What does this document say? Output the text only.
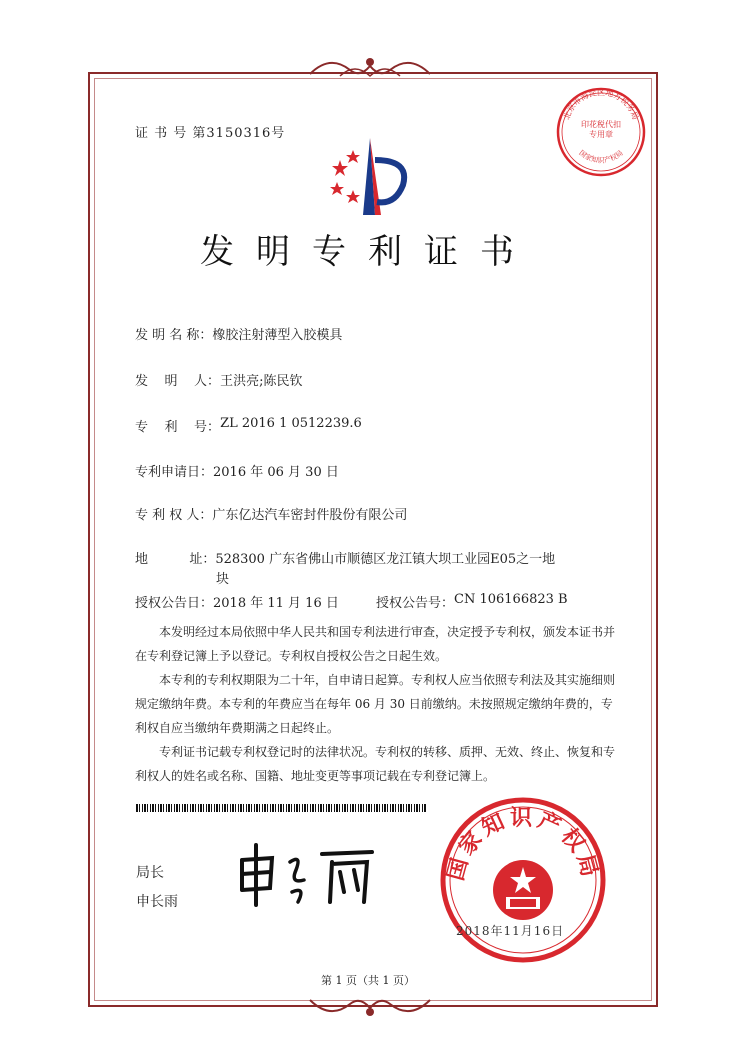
证 书 号 第3150316号
发明专利证书
发 明 名 称： 橡胶注射薄型入胶模具
发    明    人： 王洪亮;陈民钦
专    利    号： ZL 2016 1 0512239.6
专利申请日： 2016 年 06 月 30 日
专 利 权 人： 广东亿达汽车密封件股份有限公司
地          址： 528300 广东省佛山市顺德区龙江镇大坝工业园E05之一地
块
授权公告日： 2018 年 11 月 16 日	授权公告号： CN 106166823 B

本发明经过本局依照中华人民共和国专利法进行审查，决定授予专利权，颁发本证书并在专利登记簿上予以登记。专利权自授权公告之日起生效。

本专利的专利权期限为二十年，自申请日起算。专利权人应当依照专利法及其实施细则规定缴纳年费。本专利的年费应当在每年 06 月 30 日前缴纳。未按照规定缴纳年费的，专利权自应当缴纳年费期满之日起终止。

专利证书记载专利权登记时的法律状况。专利权的转移、质押、无效、终止、恢复和专利权人的姓名或名称、国籍、地址变更等事项记载在专利登记簿上。

局长
申长雨
国家知识产权局
2018年11月16日
北京市海淀区地方税务局
国家知识产权局
印花税代扣专用章
第 1 页（共 1 页）
